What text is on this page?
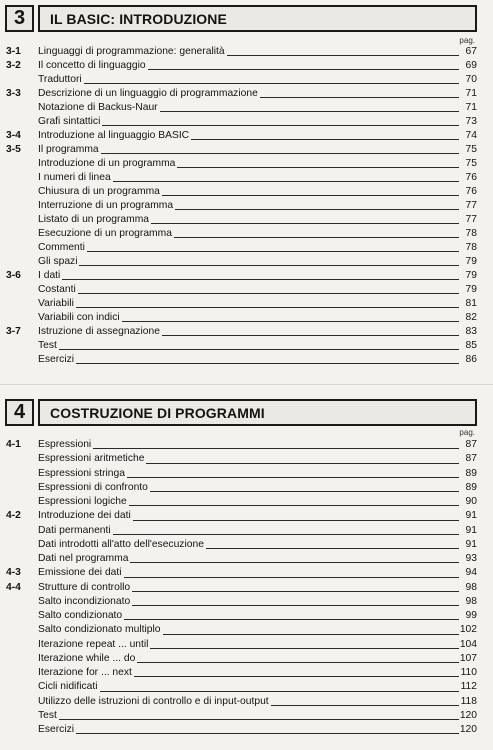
3	IL BASIC: INTRODUZIONE
pag.
3-1	Linguaggi di programmazione: generalità	67
3-2	Il concetto di linguaggio	69
Traduttori	70
3-3	Descrizione di un linguaggio di programmazione	71
Notazione di Backus-Naur	71
Grafi sintattici	73
3-4	Introduzione al linguaggio BASIC	74
3-5	Il programma	75
Introduzione di un programma	75
I numeri di linea	76
Chiusura di un programma	76
Interruzione di un programma	77
Listato di un programma	77
Esecuzione di un programma	78
Commenti	78
Gli spazi	79
3-6	I dati	79
Costanti	79
Variabili	81
Variabili con indici	82
3-7	Istruzione di assegnazione	83
Test	85
Esercizi	86
4	COSTRUZIONE DI PROGRAMMI
pag.
4-1	Espressioni	87
Espressioni aritmetiche	87
Espressioni stringa	89
Espressioni di confronto	89
Espressioni logiche	90
4-2	Introduzione dei dati	91
Dati permanenti	91
Dati introdotti all'atto dell'esecuzione	91
Dati nel programma	93
4-3	Emissione dei dati	94
4-4	Strutture di controllo	98
Salto incondizionato	98
Salto condizionato	99
Salto condizionato multiplo	102
Iterazione repeat ... until	104
Iterazione while ... do	107
Iterazione for ... next	110
Cicli nidificati	112
Utilizzo delle istruzioni di controllo e di input-output	118
Test	120
Esercizi	120
